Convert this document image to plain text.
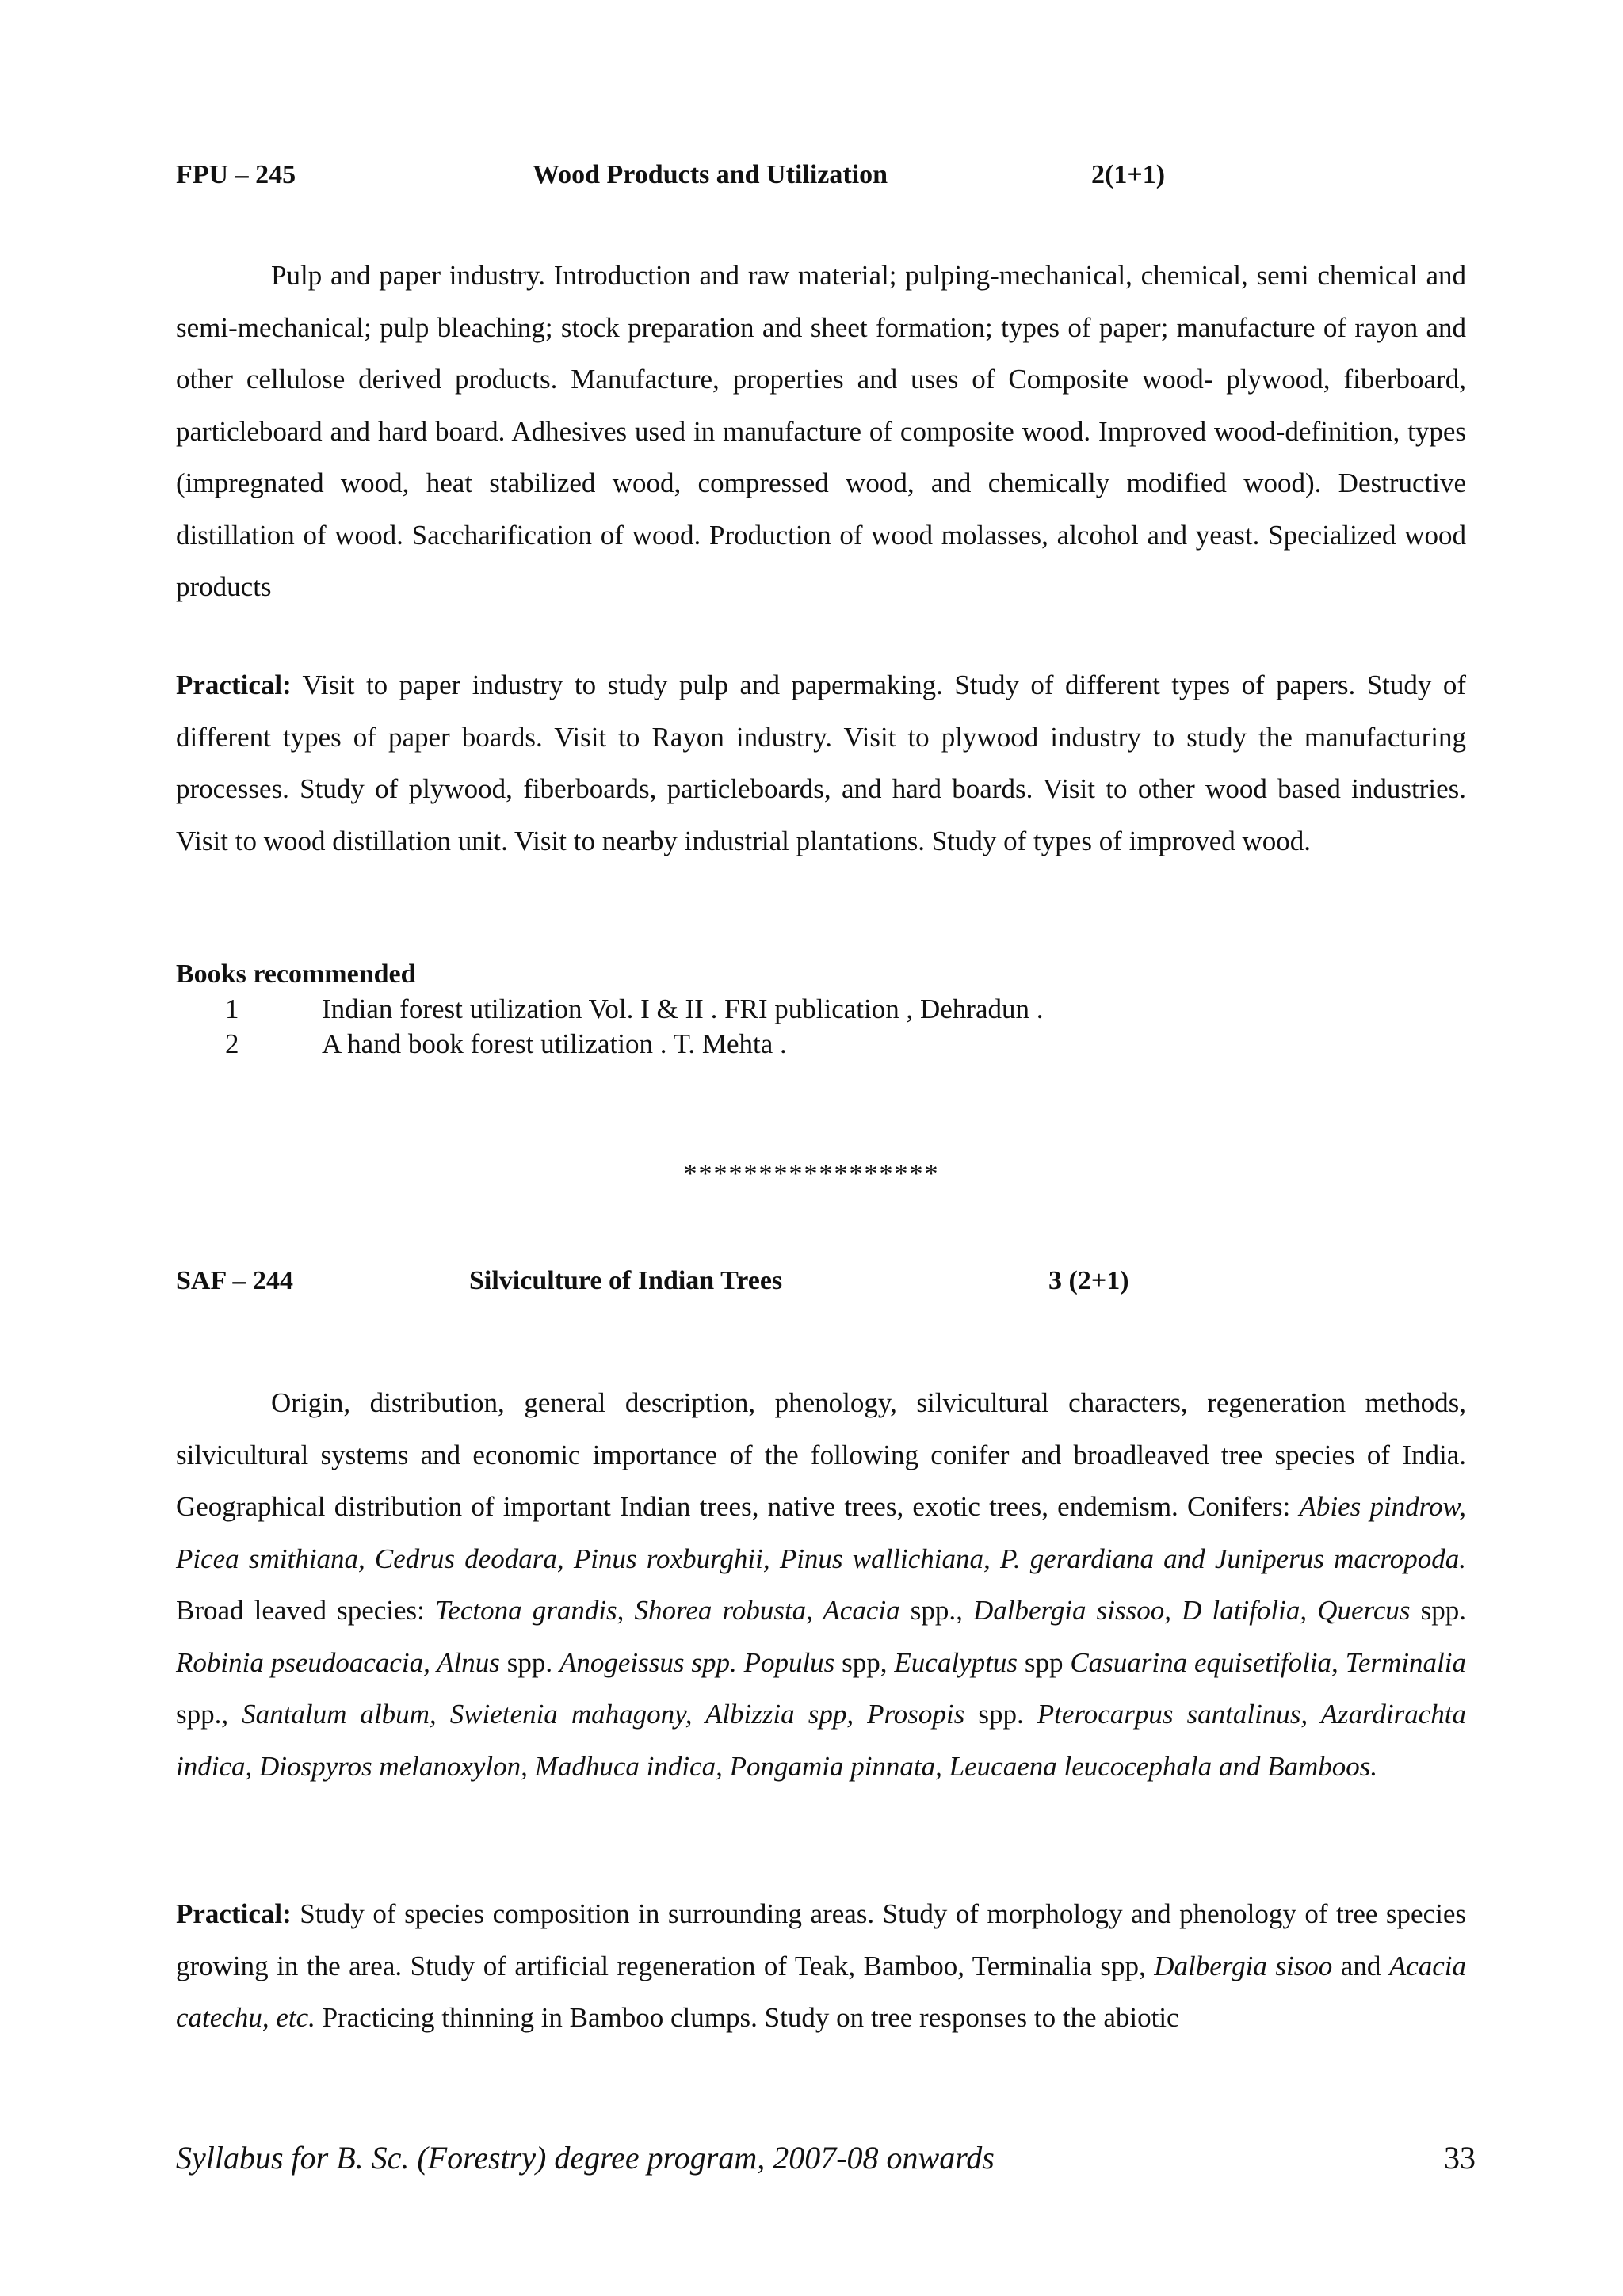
FPU – 245	Wood Products and Utilization	2(1+1)

Pulp and paper industry. Introduction and raw material; pulping-mechanical, chemical, semi chemical and semi-mechanical; pulp bleaching; stock preparation and sheet formation; types of paper; manufacture of rayon and other cellulose derived products. Manufacture, properties and uses of Composite wood- plywood, fiberboard, particleboard and hard board. Adhesives used in manufacture of composite wood. Improved wood-definition, types (impregnated wood, heat stabilized wood, compressed wood, and chemically modified wood). Destructive distillation of wood. Saccharification of wood. Production of wood molasses, alcohol and yeast. Specialized wood products

Practical: Visit to paper industry to study pulp and papermaking. Study of different types of papers. Study of different types of paper boards. Visit to Rayon industry. Visit to plywood industry to study the manufacturing processes. Study of plywood, fiberboards, particleboards, and hard boards. Visit to other wood based industries. Visit to wood distillation unit. Visit to nearby industrial plantations. Study of types of improved wood.

Books recommended
1	Indian forest utilization Vol. I & II . FRI publication , Dehradun .
2	A hand book forest utilization . T. Mehta .
*****************
SAF – 244	Silviculture of Indian Trees	3 (2+1)

Origin, distribution, general description, phenology, silvicultural characters, regeneration methods, silvicultural systems and economic importance of the following conifer and broadleaved tree species of India. Geographical distribution of important Indian trees, native trees, exotic trees, endemism. Conifers: Abies pindrow, Picea smithiana, Cedrus deodara, Pinus roxburghii, Pinus wallichiana, P. gerardiana and Juniperus macropoda. Broad leaved species: Tectona grandis, Shorea robusta, Acacia spp., Dalbergia sissoo, D latifolia, Quercus spp. Robinia pseudoacacia, Alnus spp. Anogeissus spp. Populus spp, Eucalyptus spp Casuarina equisetifolia, Terminalia spp., Santalum album, Swietenia mahagony, Albizzia spp, Prosopis spp. Pterocarpus santalinus, Azardirachta indica, Diospyros melanoxylon, Madhuca indica, Pongamia pinnata, Leucaena leucocephala and Bamboos.

Practical: Study of species composition in surrounding areas. Study of morphology and phenology of tree species growing in the area. Study of artificial regeneration of Teak, Bamboo, Terminalia spp, Dalbergia sisoo and Acacia catechu, etc. Practicing thinning in Bamboo clumps. Study on tree responses to the abiotic

Syllabus for B. Sc. (Forestry) degree program, 2007-08 onwards	33
